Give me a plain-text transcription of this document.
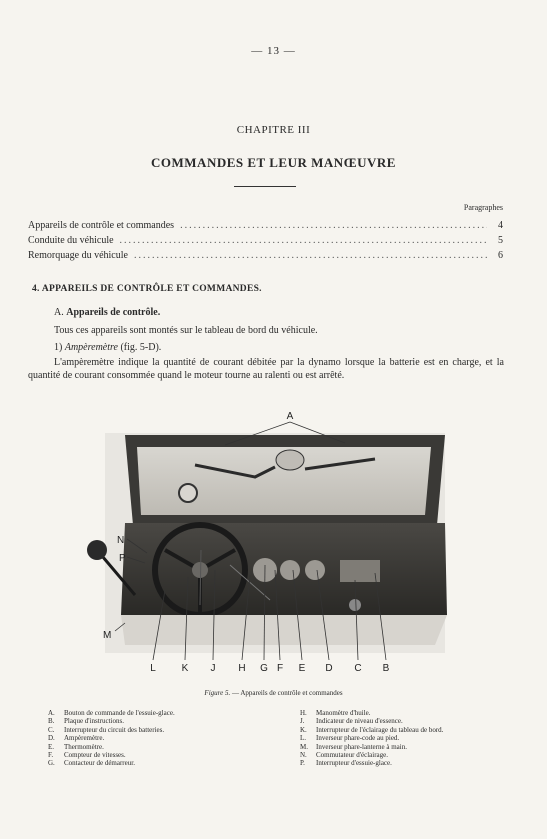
— 13 —
CHAPITRE III
COMMANDES ET LEUR MANŒUVRE
Paragraphes
Appareils de contrôle et commandes .....	4
Conduite du véhicule .....	5
Remorquage du véhicule .....	6
4. APPAREILS DE CONTRÔLE ET COMMANDES.
A. Appareils de contrôle.
Tous ces appareils sont montés sur le tableau de bord du véhicule.
1) Ampèremètre (fig. 5-D).
L'ampèremètre indique la quantité de courant débitée par la dynamo lorsque la batterie est en charge, et la quantité de courant consommée quand le moteur tourne au ralenti ou est arrêté.
A
N
P
M
L	K J H G F E D C B
Figure 5. — Appareils de contrôle et commandes
A.	Bouton de commande de l'essuie-glace.
B.	Plaque d'instructions.
C.	Interrupteur du circuit des batteries.
D.	Ampèremètre.
E.	Thermomètre.
F.	Compteur de vitesses.
G.	Contacteur de démarreur.
H.	Manomètre d'huile.
J.	Indicateur de niveau d'essence.
K.	Interrupteur de l'éclairage du tableau de bord.
L.	Inverseur phare-code au pied.
M.	Inverseur phare-lanterne à main.
N.	Commutateur d'éclairage.
P.	Interrupteur d'essuie-glace.
